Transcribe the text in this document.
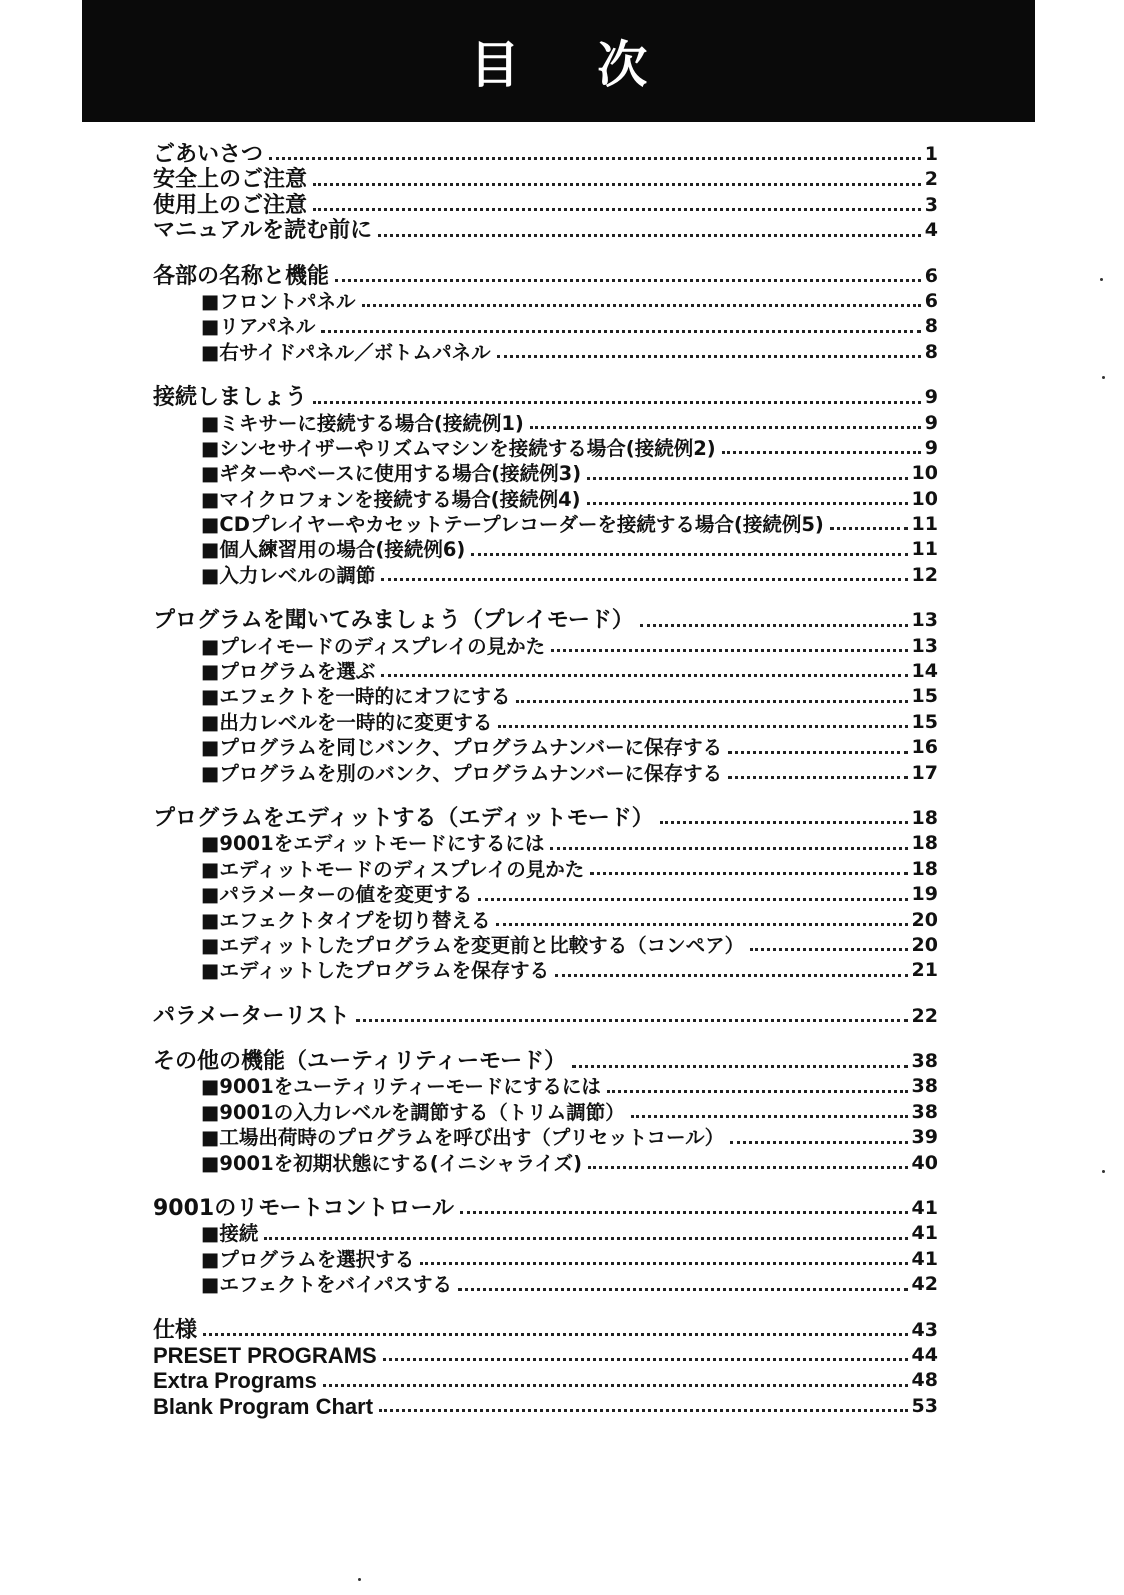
目 次
ごあいさつ	1
安全上のご注意	2
使用上のご注意	3
マニュアルを読む前に	4
各部の名称と機能	6
■フロントパネル	6
■リアパネル	8
■右サイドパネル／ボトムパネル	8
接続しましょう	9
■ミキサーに接続する場合(接続例1)	9
■シンセサイザーやリズムマシンを接続する場合(接続例2)	9
■ギターやベースに使用する場合(接続例3)	10
■マイクロフォンを接続する場合(接続例4)	10
■CDプレイヤーやカセットテープレコーダーを接続する場合(接続例5)	11
■個人練習用の場合(接続例6)	11
■入力レベルの調節	12
プログラムを聞いてみましょう（プレイモード）	13
■プレイモードのディスプレイの見かた	13
■プログラムを選ぶ	14
■エフェクトを一時的にオフにする	15
■出力レベルを一時的に変更する	15
■プログラムを同じバンク、プログラムナンバーに保存する	16
■プログラムを別のバンク、プログラムナンバーに保存する	17
プログラムをエディットする（エディットモード）	18
■9001をエディットモードにするには	18
■エディットモードのディスプレイの見かた	18
■パラメーターの値を変更する	19
■エフェクトタイプを切り替える	20
■エディットしたプログラムを変更前と比較する（コンペア）	20
■エディットしたプログラムを保存する	21
パラメーターリスト	22
その他の機能（ユーティリティーモード）	38
■9001をユーティリティーモードにするには	38
■9001の入力レベルを調節する（トリム調節）	38
■工場出荷時のプログラムを呼び出す（プリセットコール）	39
■9001を初期状態にする(イニシャライズ)	40
9001のリモートコントロール	41
■接続	41
■プログラムを選択する	41
■エフェクトをバイパスする	42
仕様	43
PRESET PROGRAMS	44
Extra Programs	48
Blank Program Chart	53
